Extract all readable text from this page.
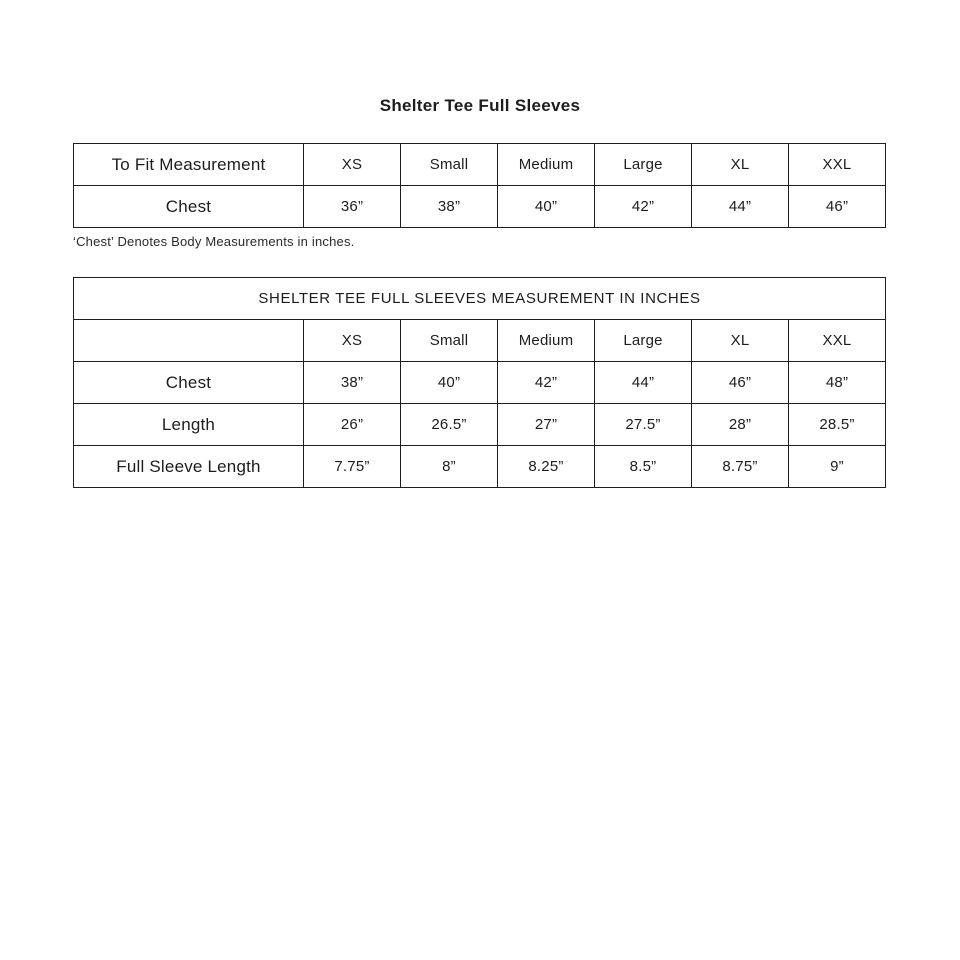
Shelter Tee Full Sleeves
To Fit Measurement	XS	Small	Medium	Large	XL	XXL
Chest	36”	38”	40”	42”	44”	46”

‘Chest’ Denotes Body Measurements in inches.

SHELTER TEE FULL SLEEVES MEASUREMENT IN INCHES						
	XS	Small	Medium	Large	XL	XXL
Chest	38”	40”	42”	44”	46”	48”
Length	26”	26.5”	27”	27.5”	28”	28.5”
Full Sleeve Length	7.75”	8”	8.25”	8.5”	8.75”	9”
